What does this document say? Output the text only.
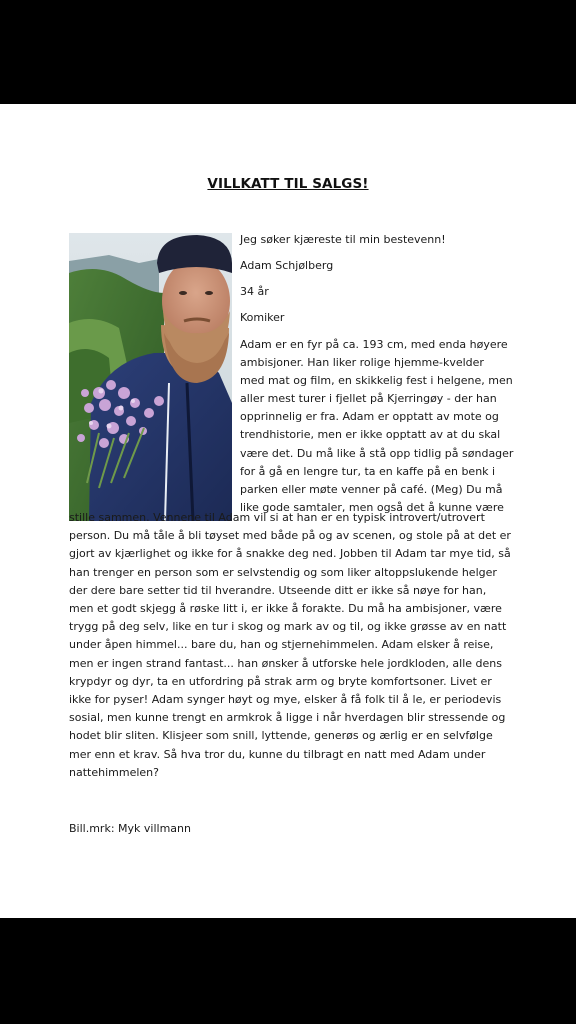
VILLKATT TIL SALGS!
Jeg søker kjæreste til min bestevenn!
Adam Schjølberg
34 år
Komiker
Adam er en fyr på ca. 193 cm, med enda høyere
ambisjoner. Han liker rolige hjemme-kvelder
med mat og film, en skikkelig fest i helgene, men
aller mest turer i fjellet på Kjerringøy - der han
opprinnelig er fra. Adam er opptatt av mote og
trendhistorie, men er ikke opptatt av at du skal
være det. Du må like å stå opp tidlig på søndager
for å gå en lengre tur, ta en kaffe på en benk i
parken eller møte venner på café. (Meg) Du må
like gode samtaler, men også det å kunne være
stille sammen. Vennene til Adam vil si at han er en typisk introvert/utrovert
person. Du må tåle å bli tøyset med både på og av scenen, og stole på at det er
gjort av kjærlighet og ikke for å snakke deg ned. Jobben til Adam tar mye tid, så
han trenger en person som er selvstendig og som liker altoppslukende helger
der dere bare setter tid til hverandre. Utseende ditt er ikke så nøye for han,
men et godt skjegg å røske litt i, er ikke å forakte. Du må ha ambisjoner, være
trygg på deg selv, like en tur i skog og mark av og til, og ikke grøsse av en natt
under åpen himmel... bare du, han og stjernehimmelen. Adam elsker å reise,
men er ingen strand fantast... han ønsker å utforske hele jordkloden, alle dens
krypdyr og dyr, ta en utfordring på strak arm og bryte komfortsoner. Livet er
ikke for pyser! Adam synger høyt og mye, elsker å få folk til å le, er periodevis
sosial, men kunne trengt en armkrok å ligge i når hverdagen blir stressende og
hodet blir sliten. Klisjeer som snill, lyttende, generøs og ærlig er en selvfølge
mer enn et krav. Så hva tror du, kunne du tilbragt en natt med Adam under
nattehimmelen?
Bill.mrk: Myk villmann
